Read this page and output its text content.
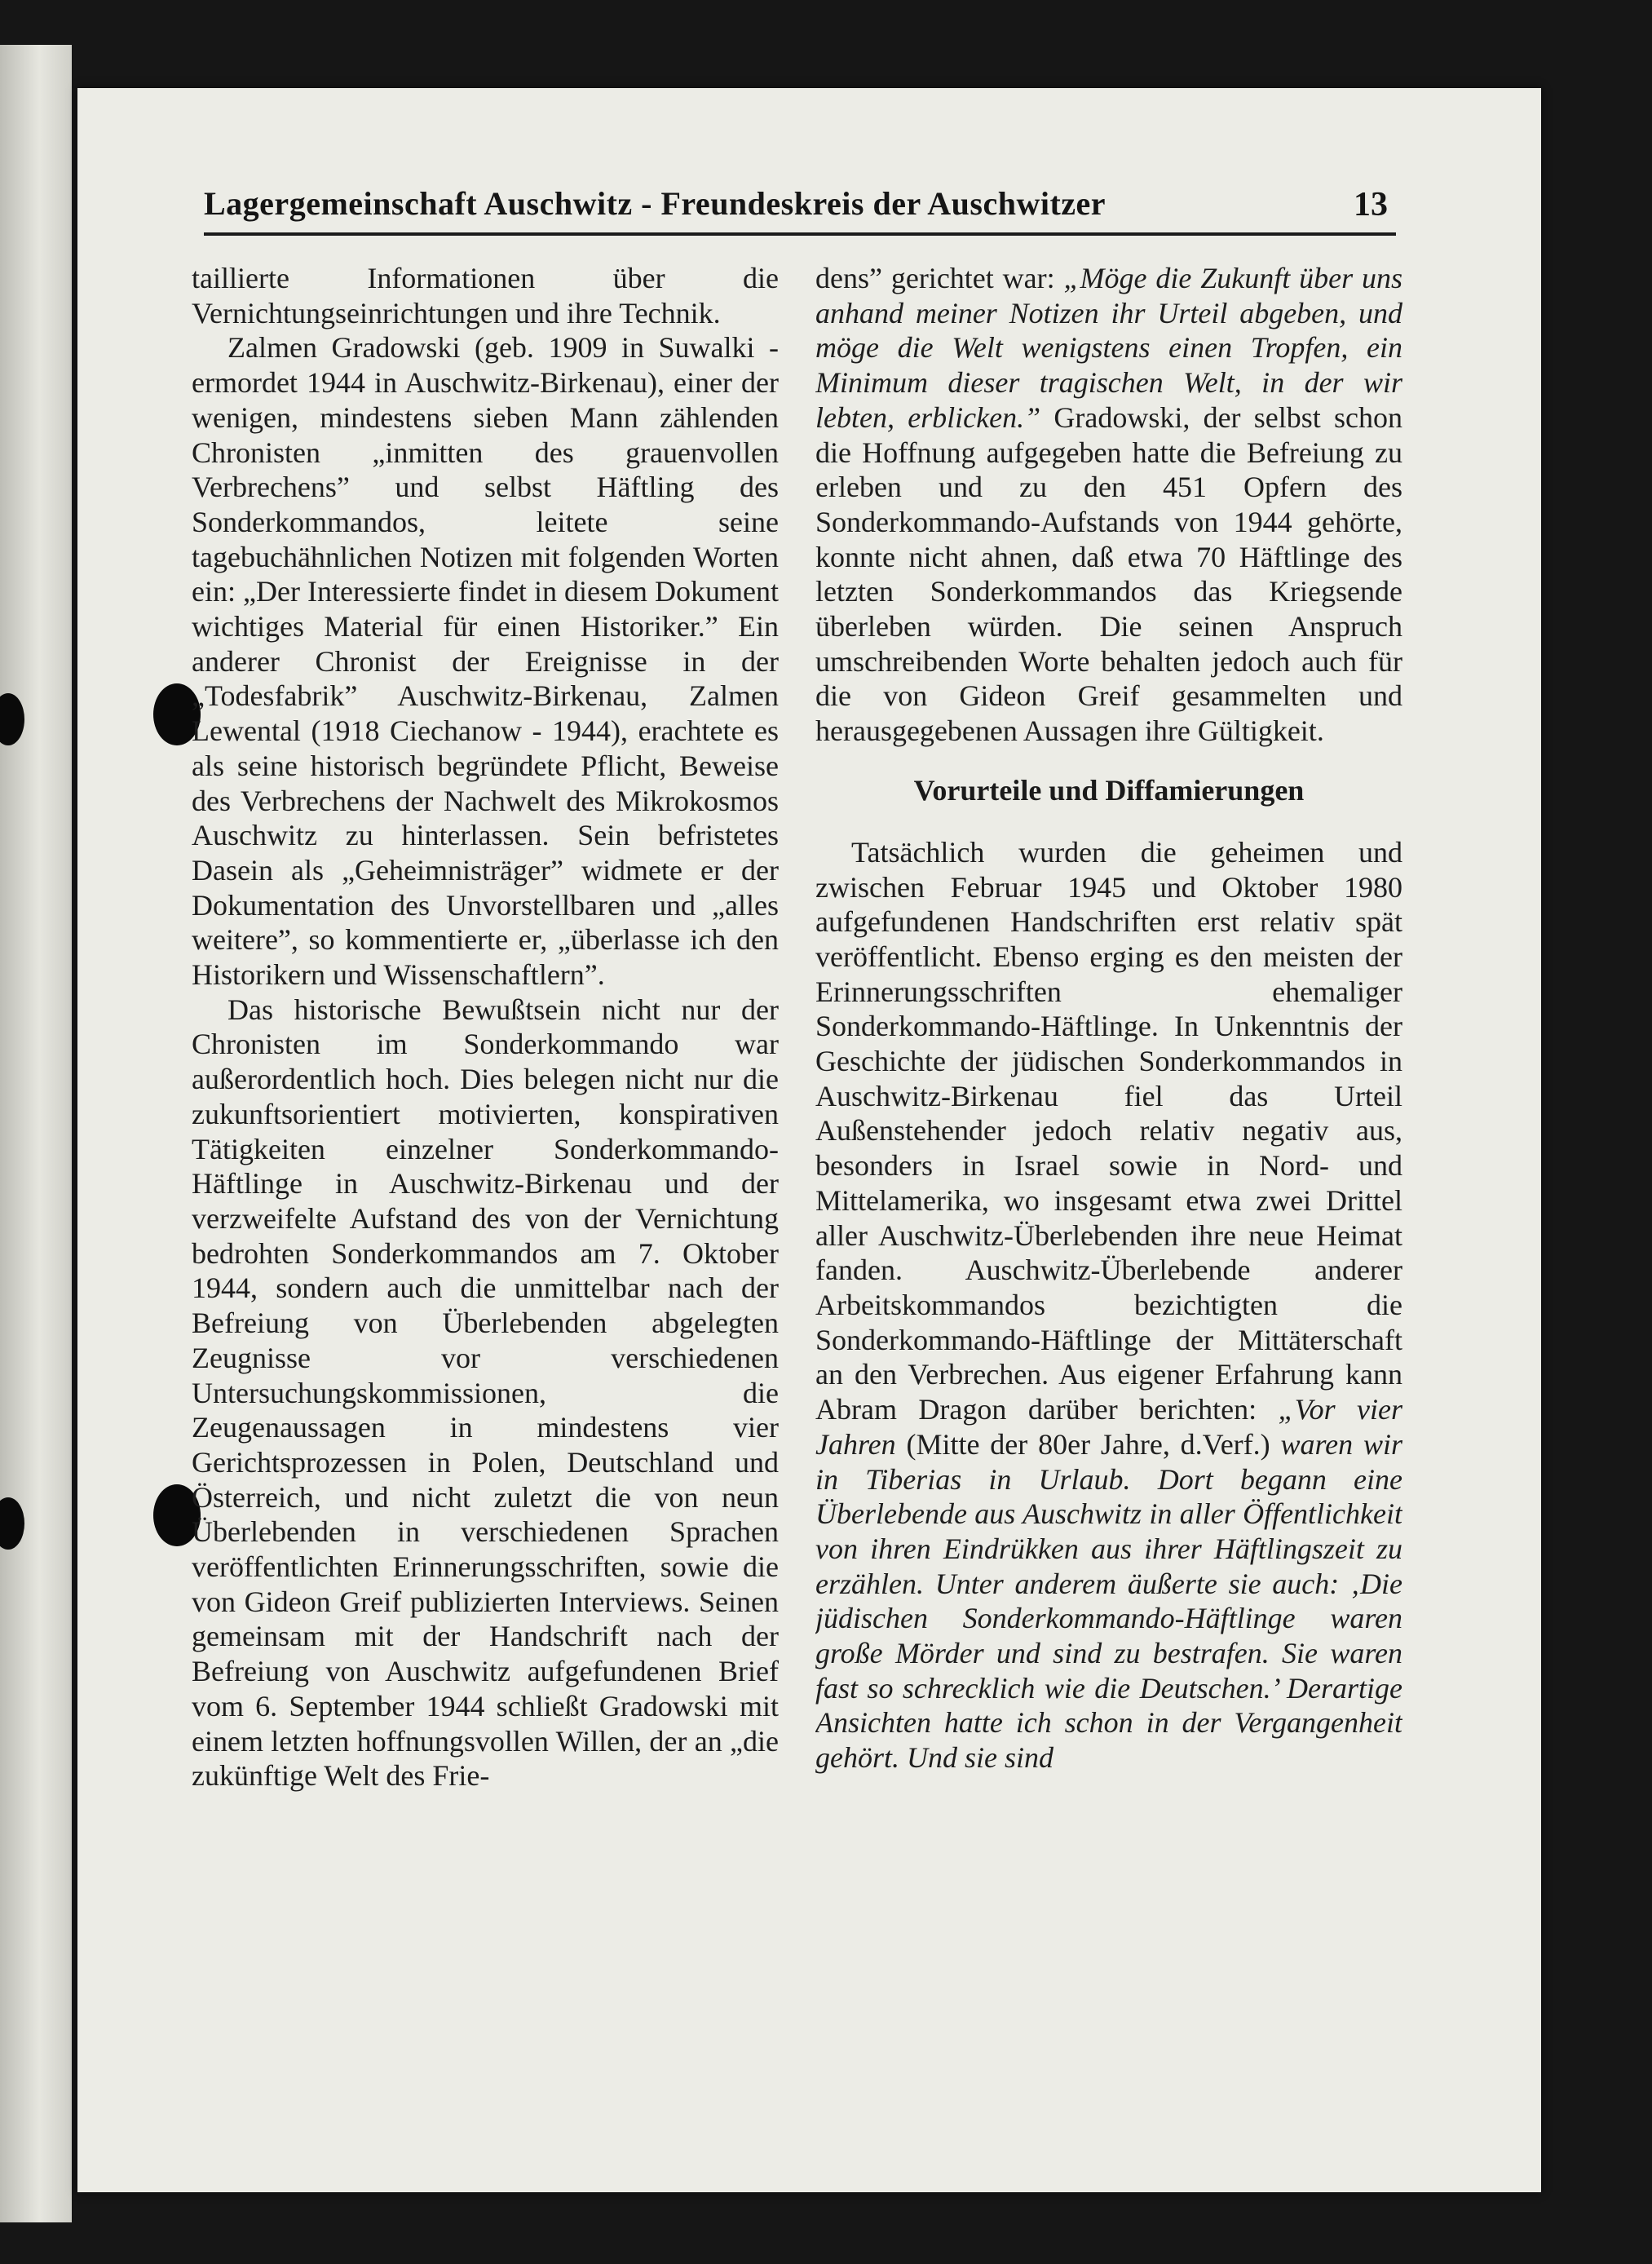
Lagergemeinschaft Auschwitz - Freundeskreis der Auschwitzer	13

taillierte Informationen über die Vernichtungseinrichtungen und ihre Technik.

Zalmen Gradowski (geb. 1909 in Suwalki - ermordet 1944 in Auschwitz-Birkenau), einer der wenigen, mindestens sieben Mann zählenden Chronisten „inmitten des grauenvollen Verbrechens” und selbst Häftling des Sonderkommandos, leitete seine tagebuchähnlichen Notizen mit folgenden Worten ein: „Der Interessierte findet in diesem Dokument wichtiges Material für einen Historiker.” Ein anderer Chronist der Ereignisse in der „Todesfabrik” Auschwitz-Birkenau, Zalmen Lewental (1918 Ciechanow - 1944), erachtete es als seine historisch begründete Pflicht, Beweise des Verbrechens der Nachwelt des Mikrokosmos Auschwitz zu hinterlassen. Sein befristetes Dasein als „Geheimnisträger” widmete er der Dokumentation des Unvorstellbaren und „alles weitere”, so kommentierte er, „überlasse ich den Historikern und Wissenschaftlern”.

Das historische Bewußtsein nicht nur der Chronisten im Sonderkommando war außerordentlich hoch. Dies belegen nicht nur die zukunftsorientiert motivierten, konspirativen Tätigkeiten einzelner Sonderkommando-Häftlinge in Auschwitz-Birkenau und der verzweifelte Aufstand des von der Vernichtung bedrohten Sonderkommandos am 7. Oktober 1944, sondern auch die unmittelbar nach der Befreiung von Überlebenden abgelegten Zeugnisse vor verschiedenen Untersuchungskommissionen, die Zeugenaussagen in mindestens vier Gerichtsprozessen in Polen, Deutschland und Österreich, und nicht zuletzt die von neun Überlebenden in verschiedenen Sprachen veröffentlichten Erinnerungsschriften, sowie die von Gideon Greif publizierten Interviews. Seinen gemeinsam mit der Handschrift nach der Befreiung von Auschwitz aufgefundenen Brief vom 6. September 1944 schließt Gradowski mit einem letzten hoffnungsvollen Willen, der an „die zukünftige Welt des Frie-

dens” gerichtet war: „Möge die Zukunft über uns anhand meiner Notizen ihr Urteil abgeben, und möge die Welt wenigstens einen Tropfen, ein Minimum dieser tragischen Welt, in der wir lebten, erblicken.” Gradowski, der selbst schon die Hoffnung aufgegeben hatte die Befreiung zu erleben und zu den 451 Opfern des Sonderkommando-Aufstands von 1944 gehörte, konnte nicht ahnen, daß etwa 70 Häftlinge des letzten Sonderkommandos das Kriegsende überleben würden. Die seinen Anspruch umschreibenden Worte behalten jedoch auch für die von Gideon Greif gesammelten und herausgegebenen Aussagen ihre Gültigkeit.

Vorurteile und Diffamierungen

Tatsächlich wurden die geheimen und zwischen Februar 1945 und Oktober 1980 aufgefundenen Handschriften erst relativ spät veröffentlicht. Ebenso erging es den meisten der Erinnerungsschriften ehemaliger Sonderkommando-Häftlinge. In Unkenntnis der Geschichte der jüdischen Sonderkommandos in Auschwitz-Birkenau fiel das Urteil Außenstehender jedoch relativ negativ aus, besonders in Israel sowie in Nord- und Mittelamerika, wo insgesamt etwa zwei Drittel aller Auschwitz-Überlebenden ihre neue Heimat fanden. Auschwitz-Überlebende anderer Arbeitskommandos bezichtigten die Sonderkommando-Häftlinge der Mittäterschaft an den Verbrechen. Aus eigener Erfahrung kann Abram Dragon darüber berichten: „Vor vier Jahren (Mitte der 80er Jahre, d.Verf.) waren wir in Tiberias in Urlaub. Dort begann eine Überlebende aus Auschwitz in aller Öffentlichkeit von ihren Eindrükken aus ihrer Häftlingszeit zu erzählen. Unter anderem äußerte sie auch: ‚Die jüdischen Sonderkommando-Häftlinge waren große Mörder und sind zu bestrafen. Sie waren fast so schrecklich wie die Deutschen.’ Derartige Ansichten hatte ich schon in der Vergangenheit gehört. Und sie sind
